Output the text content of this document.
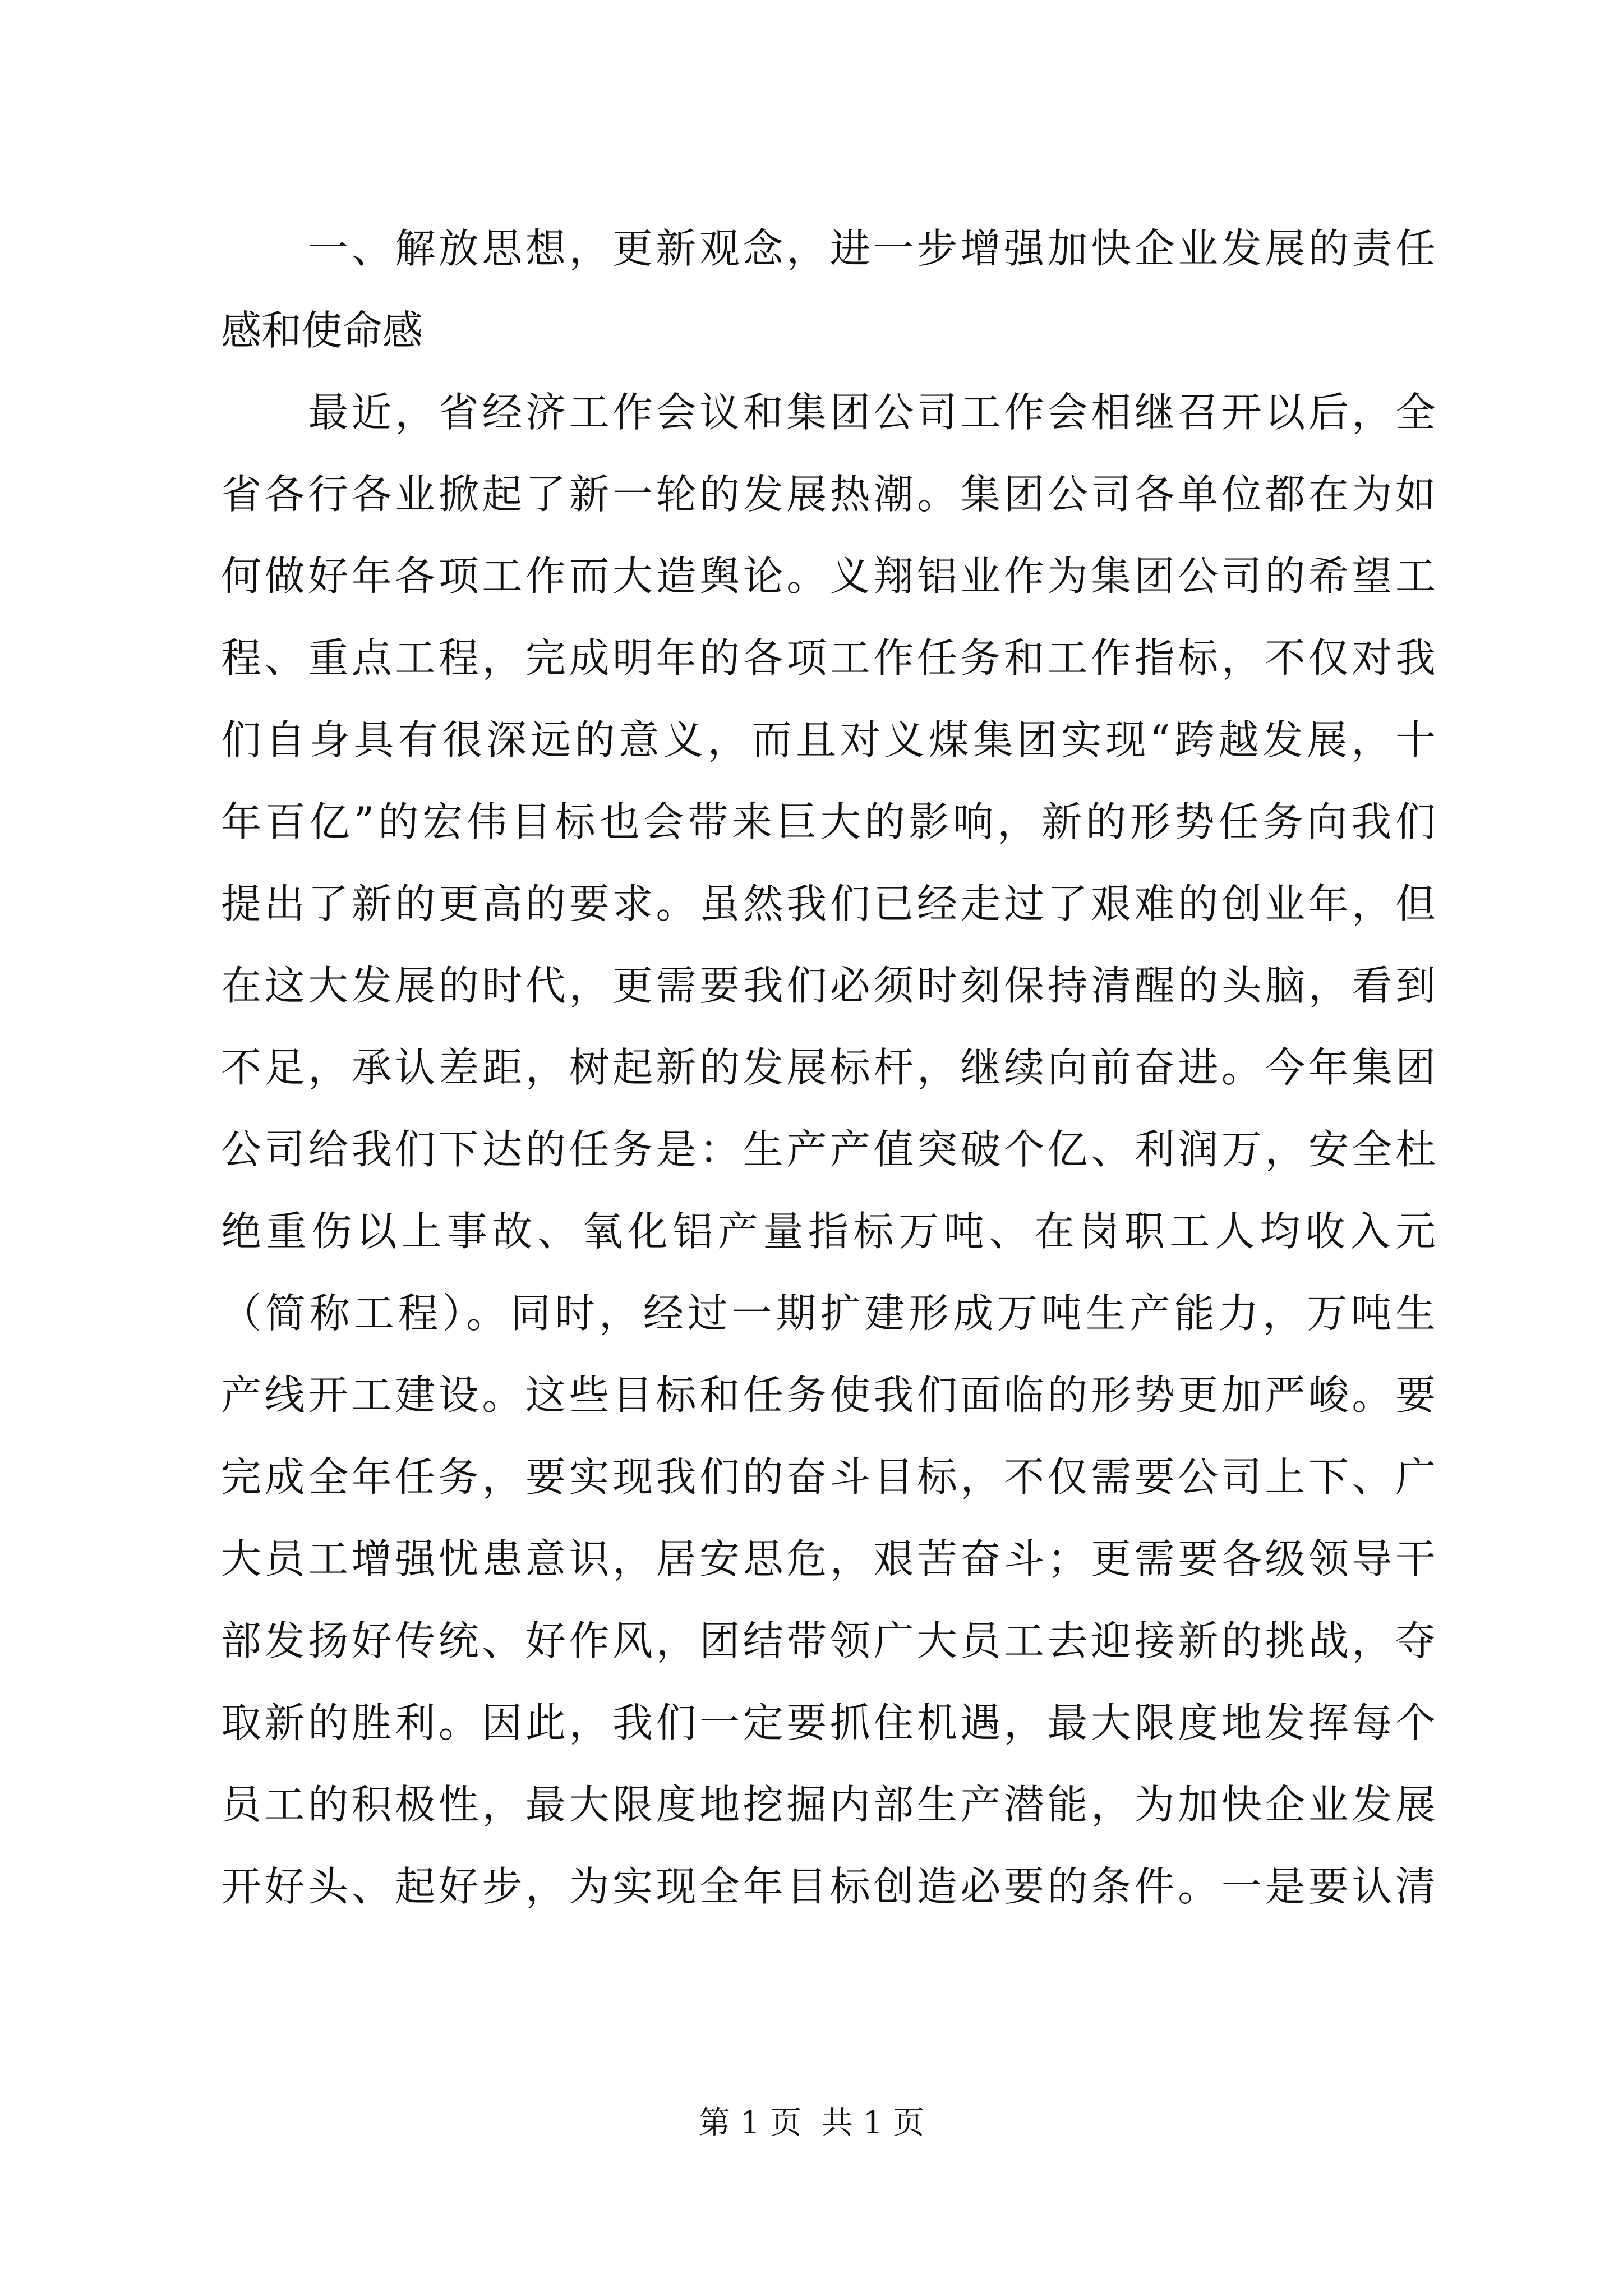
　　一、解放思想，更新观念，进一步增强加快企业发展的责任
感和使命感
　　最近，省经济工作会议和集团公司工作会相继召开以后，全
省各行各业掀起了新一轮的发展热潮。集团公司各单位都在为如
何做好年各项工作而大造舆论。义翔铝业作为集团公司的希望工
程、重点工程，完成明年的各项工作任务和工作指标，不仅对我
们自身具有很深远的意义，而且对义煤集团实现“跨越发展，十
年百亿”的宏伟目标也会带来巨大的影响，新的形势任务向我们
提出了新的更高的要求。虽然我们已经走过了艰难的创业年，但
在这大发展的时代，更需要我们必须时刻保持清醒的头脑，看到
不足，承认差距，树起新的发展标杆，继续向前奋进。今年集团
公司给我们下达的任务是：生产产值突破个亿、利润万，安全杜
绝重伤以上事故、氧化铝产量指标万吨、在岗职工人均收入元
（简称工程）。同时，经过一期扩建形成万吨生产能力，万吨生
产线开工建设。这些目标和任务使我们面临的形势更加严峻。要
完成全年任务，要实现我们的奋斗目标，不仅需要公司上下、广
大员工增强忧患意识，居安思危，艰苦奋斗；更需要各级领导干
部发扬好传统、好作风，团结带领广大员工去迎接新的挑战，夺
取新的胜利。因此，我们一定要抓住机遇，最大限度地发挥每个
员工的积极性，最大限度地挖掘内部生产潜能，为加快企业发展
开好头、起好步，为实现全年目标创造必要的条件。一是要认清
第 1 页  共 1 页
